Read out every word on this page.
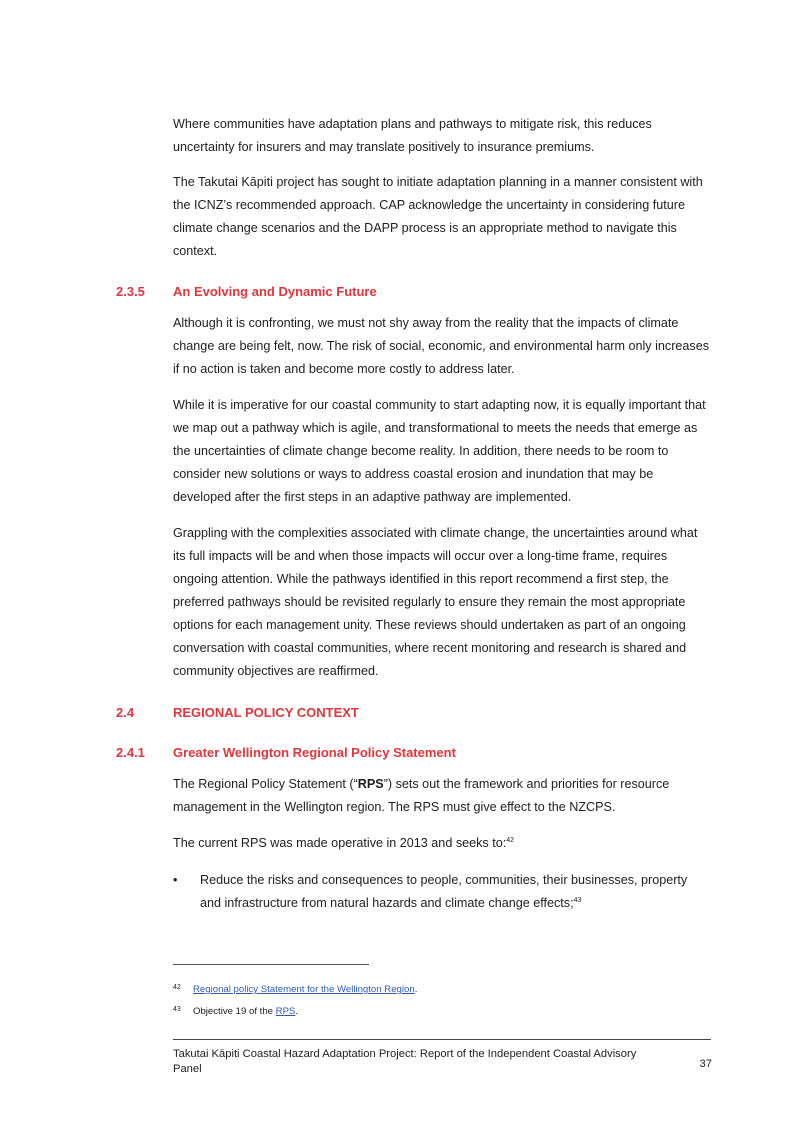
Where communities have adaptation plans and pathways to mitigate risk, this reduces uncertainty for insurers and may translate positively to insurance premiums.

The Takutai Kāpiti project has sought to initiate adaptation planning in a manner consistent with the ICNZ’s recommended approach. CAP acknowledge the uncertainty in considering future climate change scenarios and the DAPP process is an appropriate method to navigate this context.

2.3.5 An Evolving and Dynamic Future

Although it is confronting, we must not shy away from the reality that the impacts of climate change are being felt, now. The risk of social, economic, and environmental harm only increases if no action is taken and become more costly to address later.

While it is imperative for our coastal community to start adapting now, it is equally important that we map out a pathway which is agile, and transformational to meets the needs that emerge as the uncertainties of climate change become reality. In addition, there needs to be room to consider new solutions or ways to address coastal erosion and inundation that may be developed after the first steps in an adaptive pathway are implemented.

Grappling with the complexities associated with climate change, the uncertainties around what its full impacts will be and when those impacts will occur over a long-time frame, requires ongoing attention. While the pathways identified in this report recommend a first step, the preferred pathways should be revisited regularly to ensure they remain the most appropriate options for each management unity. These reviews should undertaken as part of an ongoing conversation with coastal communities, where recent monitoring and research is shared and community objectives are reaffirmed.

2.4	REGIONAL POLICY CONTEXT
2.4.1 Greater Wellington Regional Policy Statement

The Regional Policy Statement (“RPS”) sets out the framework and priorities for resource management in the Wellington region. The RPS must give effect to the NZCPS.

The current RPS was made operative in 2013 and seeks to:$^{42}$

•	Reduce the risks and consequences to people, communities, their businesses, property and infrastructure from natural hazards and climate change effects;$^{43}$
42 Regional policy Statement for the Wellington Region.
43 Objective 19 of the RPS.
Takutai Kāpiti Coastal Hazard Adaptation Project: Report of the Independent Coastal Advisory Panel	37
